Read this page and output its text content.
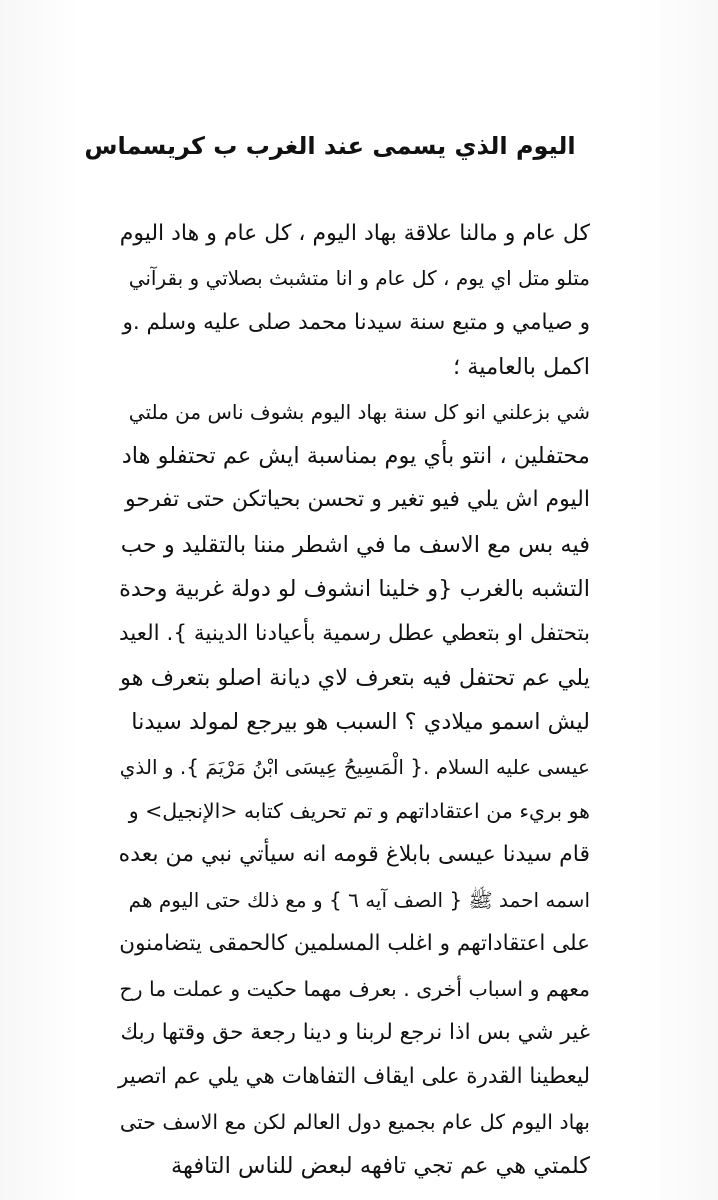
اليوم الذي يسمى عند الغرب ب كريسماس
كل عام و مالنا علاقة بهاد اليوم ، كل عام و هاد اليوم
متلو متل اي يوم ، كل عام و انا متشبث بصلاتي و بقرآني
و صيامي و متبع سنة سيدنا محمد صلى عليه وسلم .و
اكمل بالعامية ؛
شي بزعلني انو كل سنة بهاد اليوم بشوف ناس من ملتي
محتفلين ، انتو بأي يوم بمناسبة ايش عم تحتفلو هاد
اليوم اش يلي فيو تغير و تحسن بحياتكن حتى تفرحو
فيه بس مع الاسف ما في اشطر مننا بالتقليد و حب
التشبه بالغرب {و خلينا انشوف لو دولة غربية وحدة
بتحتفل او بتعطي عطل رسمية بأعيادنا الدينية }. العيد
يلي عم تحتفل فيه بتعرف لاي ديانة اصلو بتعرف هو
ليش اسمو ميلادي ؟ السبب هو بيرجع لمولد سيدنا
عيسى عليه السلام .{ الْمَسِيحُ عِيسَى ابْنُ مَرْيَمَ }. و الذي
هو بريء من اعتقاداتهم و تم تحريف كتابه <الإنجيل> و
قام سيدنا عيسى بابلاغ قومه انه سيأتي نبي من بعده
اسمه احمد ﷺ { الصف آيه ٦ } و مع ذلك حتى اليوم هم
على اعتقاداتهم و اغلب المسلمين كالحمقى يتضامنون
معهم و اسباب أخرى . بعرف مهما حكيت و عملت ما رح
غير شي بس اذا نرجع لربنا و دينا رجعة حق وقتها ربك
ليعطينا القدرة على ايقاف التفاهات هي يلي عم اتصير
بهاد اليوم كل عام بجميع دول العالم لكن مع الاسف حتى
كلمتي هي عم تجي تافهه لبعض للناس التافهة
